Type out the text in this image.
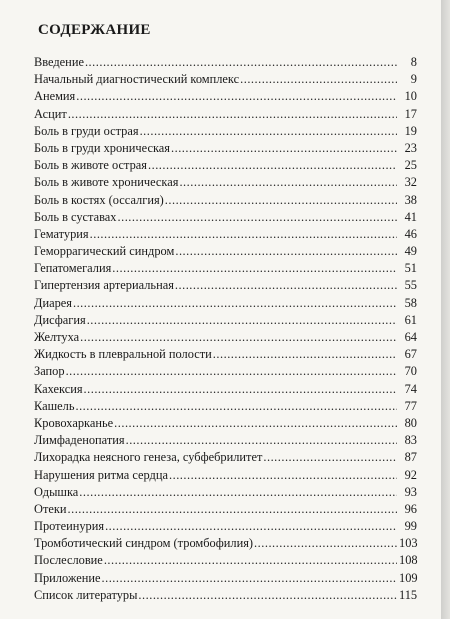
СОДЕРЖАНИЕ
Введение .....	8
Начальный диагностический комплекс .....	9
Анемия .....	10
Асцит .....	17
Боль в груди острая .....	19
Боль в груди хроническая .....	23
Боль в животе острая .....	25
Боль в животе хроническая .....	32
Боль в костях (оссалгия) .....	38
Боль в суставах .....	41
Гематурия .....	46
Геморрагический синдром .....	49
Гепатомегалия .....	51
Гипертензия артериальная .....	55
Диарея .....	58
Дисфагия .....	61
Желтуха .....	64
Жидкость в плевральной полости .....	67
Запор .....	70
Кахексия .....	74
Кашель .....	77
Кровохарканье .....	80
Лимфаденопатия .....	83
Лихорадка неясного генеза, субфебрилитет .....	87
Нарушения ритма сердца .....	92
Одышка .....	93
Отеки .....	96
Протеинурия .....	99
Тромботический синдром (тромбофилия) .....	103
Послесловие .....	108
Приложение .....	109
Список литературы .....	115
